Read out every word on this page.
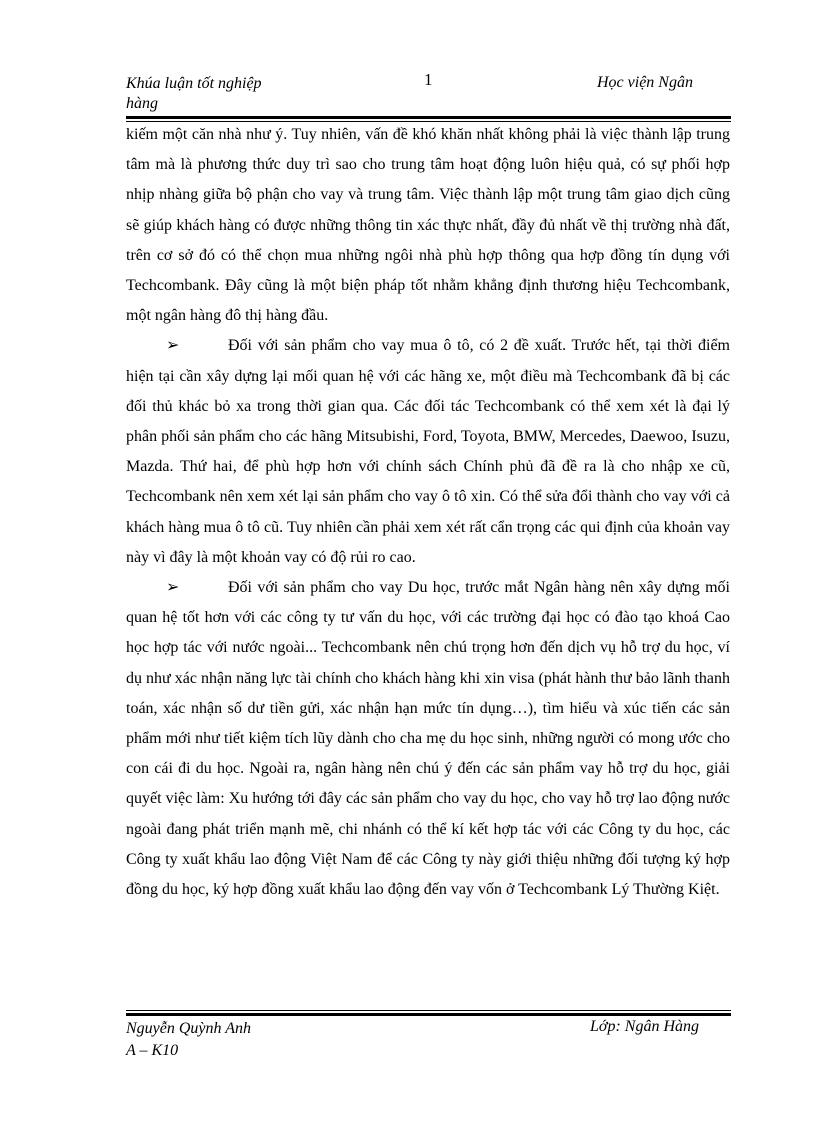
Khúa luận tốt nghiệp
hàng
1	Học viện Ngân

kiếm một căn nhà như ý. Tuy nhiên, vấn đề khó khăn nhất không phải là việc thành lập trung tâm mà là phương thức duy trì sao cho trung tâm hoạt động luôn hiệu quả, có sự phối hợp nhịp nhàng giữa bộ phận cho vay và trung tâm. Việc thành lập một trung tâm giao dịch cũng sẽ giúp khách hàng có được những thông tin xác thực nhất, đầy đủ nhất về thị trường nhà đất, trên cơ sở đó có thể chọn mua những ngôi nhà phù hợp thông qua hợp đồng tín dụng với Techcombank. Đây cũng là một biện pháp tốt nhằm khẳng định thương hiệu Techcombank, một ngân hàng đô thị hàng đầu.

➢	Đối với sản phẩm cho vay mua ô tô, có 2 đề xuất. Trước hết, tại thời điểm hiện tại cần xây dựng lại mối quan hệ với các hãng xe, một điều mà Techcombank đã bị các đối thủ khác bỏ xa trong thời gian qua. Các đối tác Techcombank có thể xem xét là đại lý phân phối sản phẩm cho các hãng Mitsubishi, Ford, Toyota, BMW, Mercedes, Daewoo, Isuzu, Mazda. Thứ hai, để phù hợp hơn với chính sách Chính phủ đã đề ra là cho nhập xe cũ, Techcombank nên xem xét lại sản phẩm cho vay ô tô xin. Có thể sửa đổi thành cho vay với cả khách hàng mua ô tô cũ. Tuy nhiên cần phải xem xét rất cẩn trọng các qui định của khoản vay này vì đây là một khoản vay có độ rủi ro cao.

➢	Đối với sản phẩm cho vay Du học, trước mắt Ngân hàng nên xây dựng mối quan hệ tốt hơn với các công ty tư vấn du học, với các trường đại học có đào tạo khoá Cao học hợp tác với nước ngoài... Techcombank nên chú trọng hơn đến dịch vụ hỗ trợ du học, ví dụ như xác nhận năng lực tài chính cho khách hàng khi xin visa (phát hành thư bảo lãnh thanh toán, xác nhận số dư tiền gửi, xác nhận hạn mức tín dụng…), tìm hiểu và xúc tiến các sản phẩm mới như tiết kiệm tích lũy dành cho cha mẹ du học sinh, những người có mong ước cho con cái đi du học. Ngoài ra, ngân hàng nên chú ý đến các sản phẩm vay hỗ trợ du học, giải quyết việc làm: Xu hướng tới đây các sản phẩm cho vay du học, cho vay hỗ trợ lao động nước ngoài đang phát triển mạnh mẽ, chi nhánh có thể kí kết hợp tác với các Công ty du học, các Công ty xuất khẩu lao động Việt Nam để các Công ty này giới thiệu những đối tượng ký hợp đồng du học, ký hợp đồng xuất khẩu lao động đến vay vốn ở Techcombank Lý Thường Kiệt.

Nguyễn Quỳnh Anh
A – K10
Lớp: Ngân Hàng
